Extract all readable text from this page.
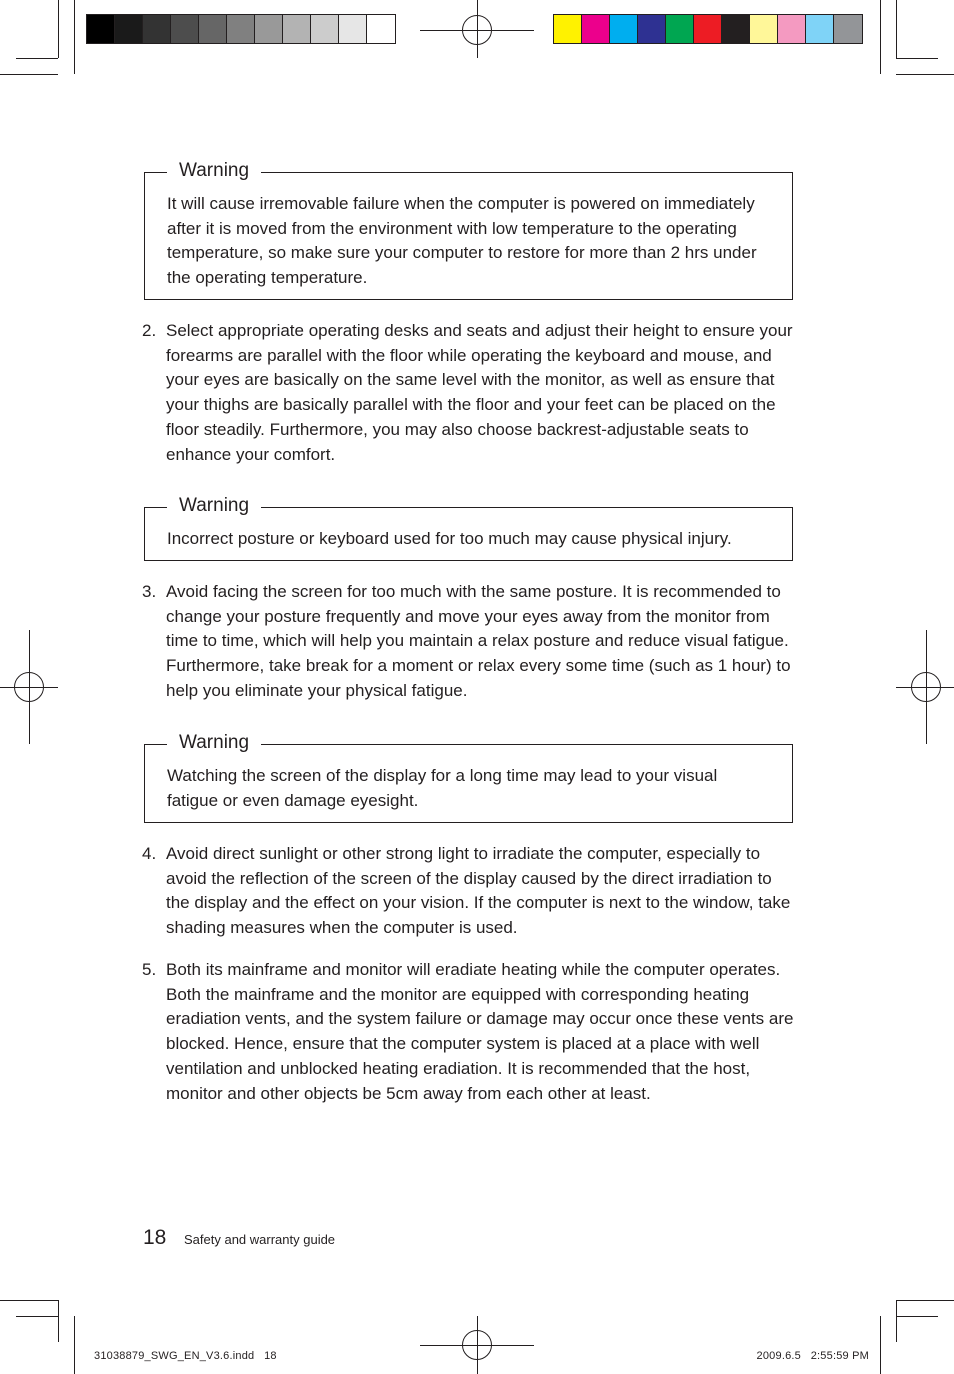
Warning
It will cause irremovable failure when the computer is powered on immediately after it is moved from the environment with low temperature to the operating temperature, so make sure your computer to restore for more than 2 hrs under the operating temperature.
2. Select appropriate operating desks and seats and adjust their height to ensure your forearms are parallel with the floor while operating the keyboard and mouse, and your eyes are basically on the same level with the monitor, as well as ensure that your thighs are basically parallel with the floor and your feet can be placed on the floor steadily. Furthermore, you may also choose backrest-adjustable seats to enhance your comfort.
Warning
Incorrect posture or keyboard used for too much may cause physical injury.
3. Avoid facing the screen for too much with the same posture. It is recommended to change your posture frequently and move your eyes away from the monitor from time to time, which will help you maintain a relax posture and reduce visual fatigue. Furthermore, take break for a moment or relax every some time (such as 1 hour) to help you eliminate your physical fatigue.
Warning
Watching the screen of the display for a long time may lead to your visual fatigue or even damage eyesight.
4. Avoid direct sunlight or other strong light to irradiate the computer, especially to avoid the reflection of the screen of the display caused by the direct irradiation to the display and the effect on your vision. If the computer is next to the window, take shading measures when the computer is used.
5. Both its mainframe and monitor will eradiate heating while the computer operates. Both the mainframe and the monitor are equipped with corresponding heating eradiation vents, and the system failure or damage may occur once these vents are blocked. Hence, ensure that the computer system is placed at a place with well ventilation and unblocked heating eradiation. It is recommended that the host, monitor and other objects be 5cm away from each other at least.
18 Safety and warranty guide
31038879_SWG_EN_V3.6.indd   18	2009.6.5   2:55:59 PM
